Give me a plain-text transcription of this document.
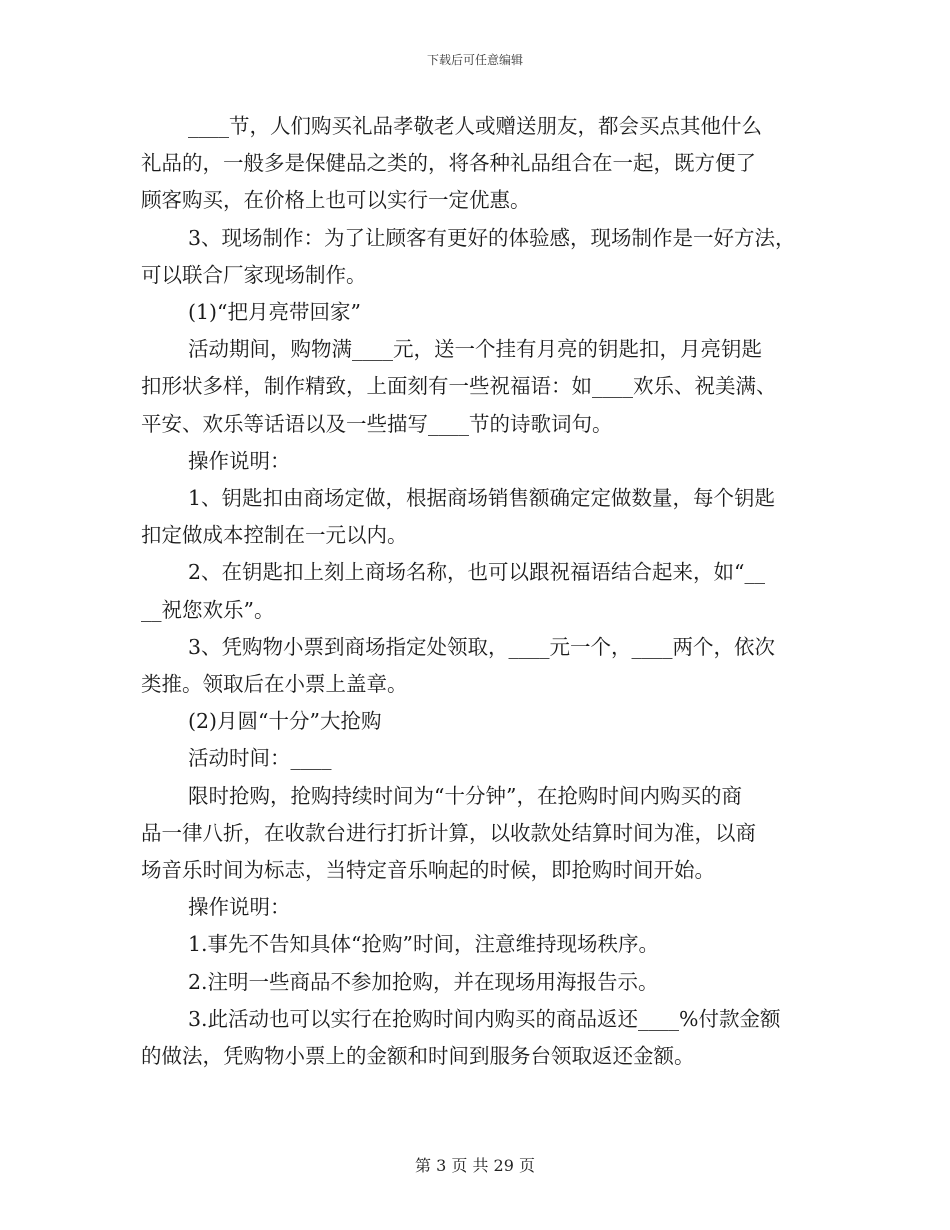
下载后可任意编辑

____节，人们购买礼品孝敬老人或赠送朋友，都会买点其他什么

礼品的，一般多是保健品之类的，将各种礼品组合在一起，既方便了

顾客购买，在价格上也可以实行一定优惠。

3、现场制作：为了让顾客有更好的体验感，现场制作是一好方法，

可以联合厂家现场制作。

(1)“把月亮带回家”

活动期间，购物满____元，送一个挂有月亮的钥匙扣，月亮钥匙

扣形状多样，制作精致，上面刻有一些祝福语：如____欢乐、祝美满、

平安、欢乐等话语以及一些描写____节的诗歌词句。

操作说明：

1、钥匙扣由商场定做，根据商场销售额确定定做数量，每个钥匙

扣定做成本控制在一元以内。

2、在钥匙扣上刻上商场名称，也可以跟祝福语结合起来，如“__

__祝您欢乐”。

3、凭购物小票到商场指定处领取，____元一个，____两个，依次

类推。领取后在小票上盖章。

(2)月圆“十分”大抢购

活动时间：____

限时抢购，抢购持续时间为“十分钟”，在抢购时间内购买的商

品一律八折，在收款台进行打折计算，以收款处结算时间为准，以商

场音乐时间为标志，当特定音乐响起的时候，即抢购时间开始。

操作说明：

1.事先不告知具体“抢购”时间，注意维持现场秩序。

2.注明一些商品不参加抢购，并在现场用海报告示。

3.此活动也可以实行在抢购时间内购买的商品返还____%付款金额

的做法，凭购物小票上的金额和时间到服务台领取返还金额。

第 3 页 共 29 页
